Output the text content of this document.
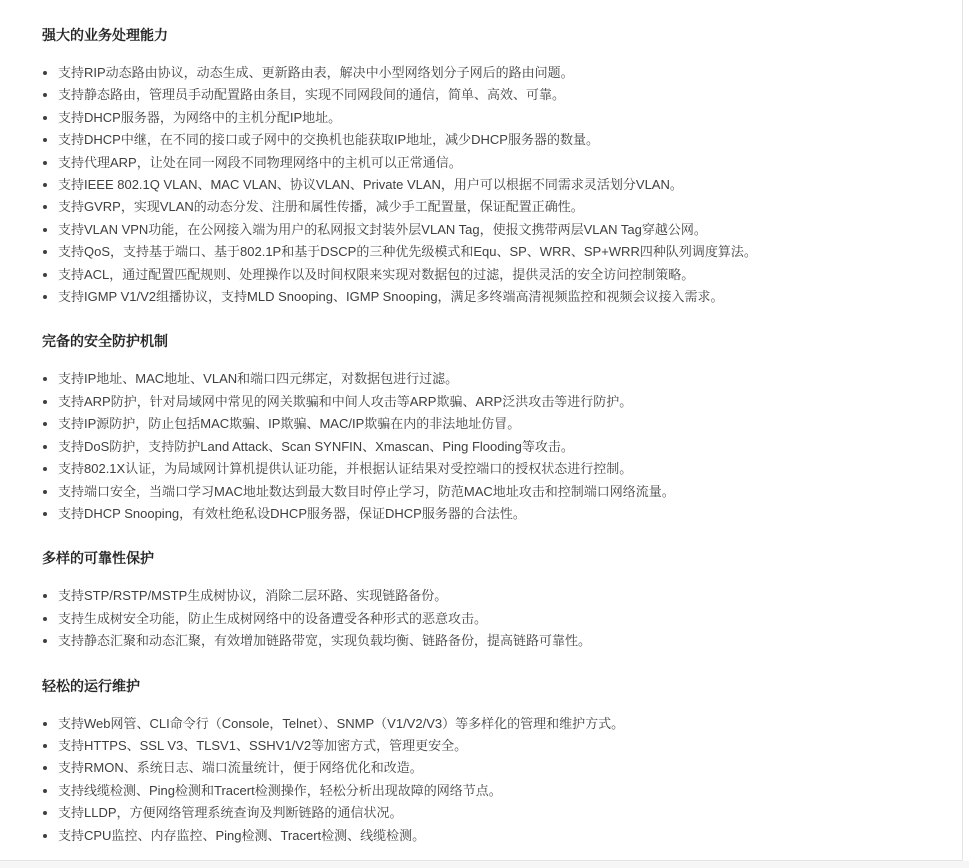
强大的业务处理能力
• 支持RIP动态路由协议，动态生成、更新路由表，解决中小型网络划分子网后的路由问题。
• 支持静态路由，管理员手动配置路由条目，实现不同网段间的通信，简单、高效、可靠。
• 支持DHCP服务器，为网络中的主机分配IP地址。
• 支持DHCP中继，在不同的接口或子网中的交换机也能获取IP地址，减少DHCP服务器的数量。
• 支持代理ARP，让处在同一网段不同物理网络中的主机可以正常通信。
• 支持IEEE 802.1Q VLAN、MAC VLAN、协议VLAN、Private VLAN，用户可以根据不同需求灵活划分VLAN。
• 支持GVRP，实现VLAN的动态分发、注册和属性传播，减少手工配置量，保证配置正确性。
• 支持VLAN VPN功能，在公网接入端为用户的私网报文封装外层VLAN Tag，使报文携带两层VLAN Tag穿越公网。
• 支持QoS，支持基于端口、基于802.1P和基于DSCP的三种优先级模式和Equ、SP、WRR、SP+WRR四种队列调度算法。
• 支持ACL，通过配置匹配规则、处理操作以及时间权限来实现对数据包的过滤，提供灵活的安全访问控制策略。
• 支持IGMP V1/V2组播协议，支持MLD Snooping、IGMP Snooping，满足多终端高清视频监控和视频会议接入需求。
完备的安全防护机制
• 支持IP地址、MAC地址、VLAN和端口四元绑定，对数据包进行过滤。
• 支持ARP防护，针对局域网中常见的网关欺骗和中间人攻击等ARP欺骗、ARP泛洪攻击等进行防护。
• 支持IP源防护，防止包括MAC欺骗、IP欺骗、MAC/IP欺骗在内的非法地址仿冒。
• 支持DoS防护，支持防护Land Attack、Scan SYNFIN、Xmascan、Ping Flooding等攻击。
• 支持802.1X认证，为局域网计算机提供认证功能，并根据认证结果对受控端口的授权状态进行控制。
• 支持端口安全，当端口学习MAC地址数达到最大数目时停止学习，防范MAC地址攻击和控制端口网络流量。
• 支持DHCP Snooping，有效杜绝私设DHCP服务器，保证DHCP服务器的合法性。
多样的可靠性保护
• 支持STP/RSTP/MSTP生成树协议，消除二层环路、实现链路备份。
• 支持生成树安全功能，防止生成树网络中的设备遭受各种形式的恶意攻击。
• 支持静态汇聚和动态汇聚，有效增加链路带宽，实现负载均衡、链路备份，提高链路可靠性。
轻松的运行维护
• 支持Web网管、CLI命令行（Console，Telnet）、SNMP（V1/V2/V3）等多样化的管理和维护方式。
• 支持HTTPS、SSL V3、TLSV1、SSHV1/V2等加密方式，管理更安全。
• 支持RMON、系统日志、端口流量统计，便于网络优化和改造。
• 支持线缆检测、Ping检测和Tracert检测操作，轻松分析出现故障的网络节点。
• 支持LLDP，方便网络管理系统查询及判断链路的通信状况。
• 支持CPU监控、内存监控、Ping检测、Tracert检测、线缆检测。
